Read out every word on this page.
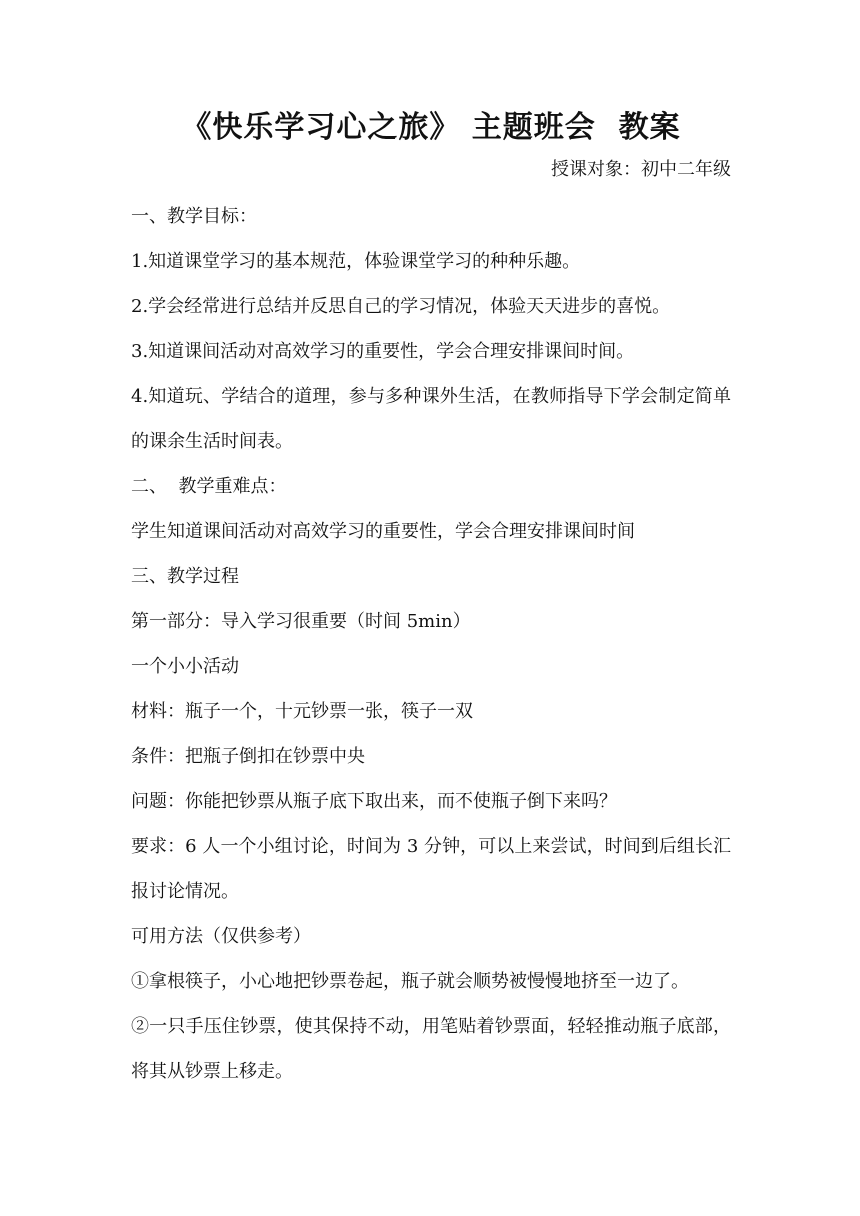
《快乐学习心之旅》 主题班会  教案

授课对象：初中二年级

一、教学目标：

1.知道课堂学习的基本规范，体验课堂学习的种种乐趣。

2.学会经常进行总结并反思自己的学习情况，体验天天进步的喜悦。

3.知道课间活动对高效学习的重要性，学会合理安排课间时间。

4.知道玩、学结合的道理，参与多种课外生活，在教师指导下学会制定简单的课余生活时间表。

二、  教学重难点：

学生知道课间活动对高效学习的重要性，学会合理安排课间时间

三、教学过程

第一部分：导入学习很重要（时间 5min）

一个小小活动

材料：瓶子一个，十元钞票一张，筷子一双

条件：把瓶子倒扣在钞票中央

问题：你能把钞票从瓶子底下取出来，而不使瓶子倒下来吗？

要求：6 人一个小组讨论，时间为 3 分钟，可以上来尝试，时间到后组长汇报讨论情况。

可用方法（仅供参考）

①拿根筷子，小心地把钞票卷起，瓶子就会顺势被慢慢地挤至一边了。

②一只手压住钞票，使其保持不动，用笔贴着钞票面，轻轻推动瓶子底部，将其从钞票上移走。
